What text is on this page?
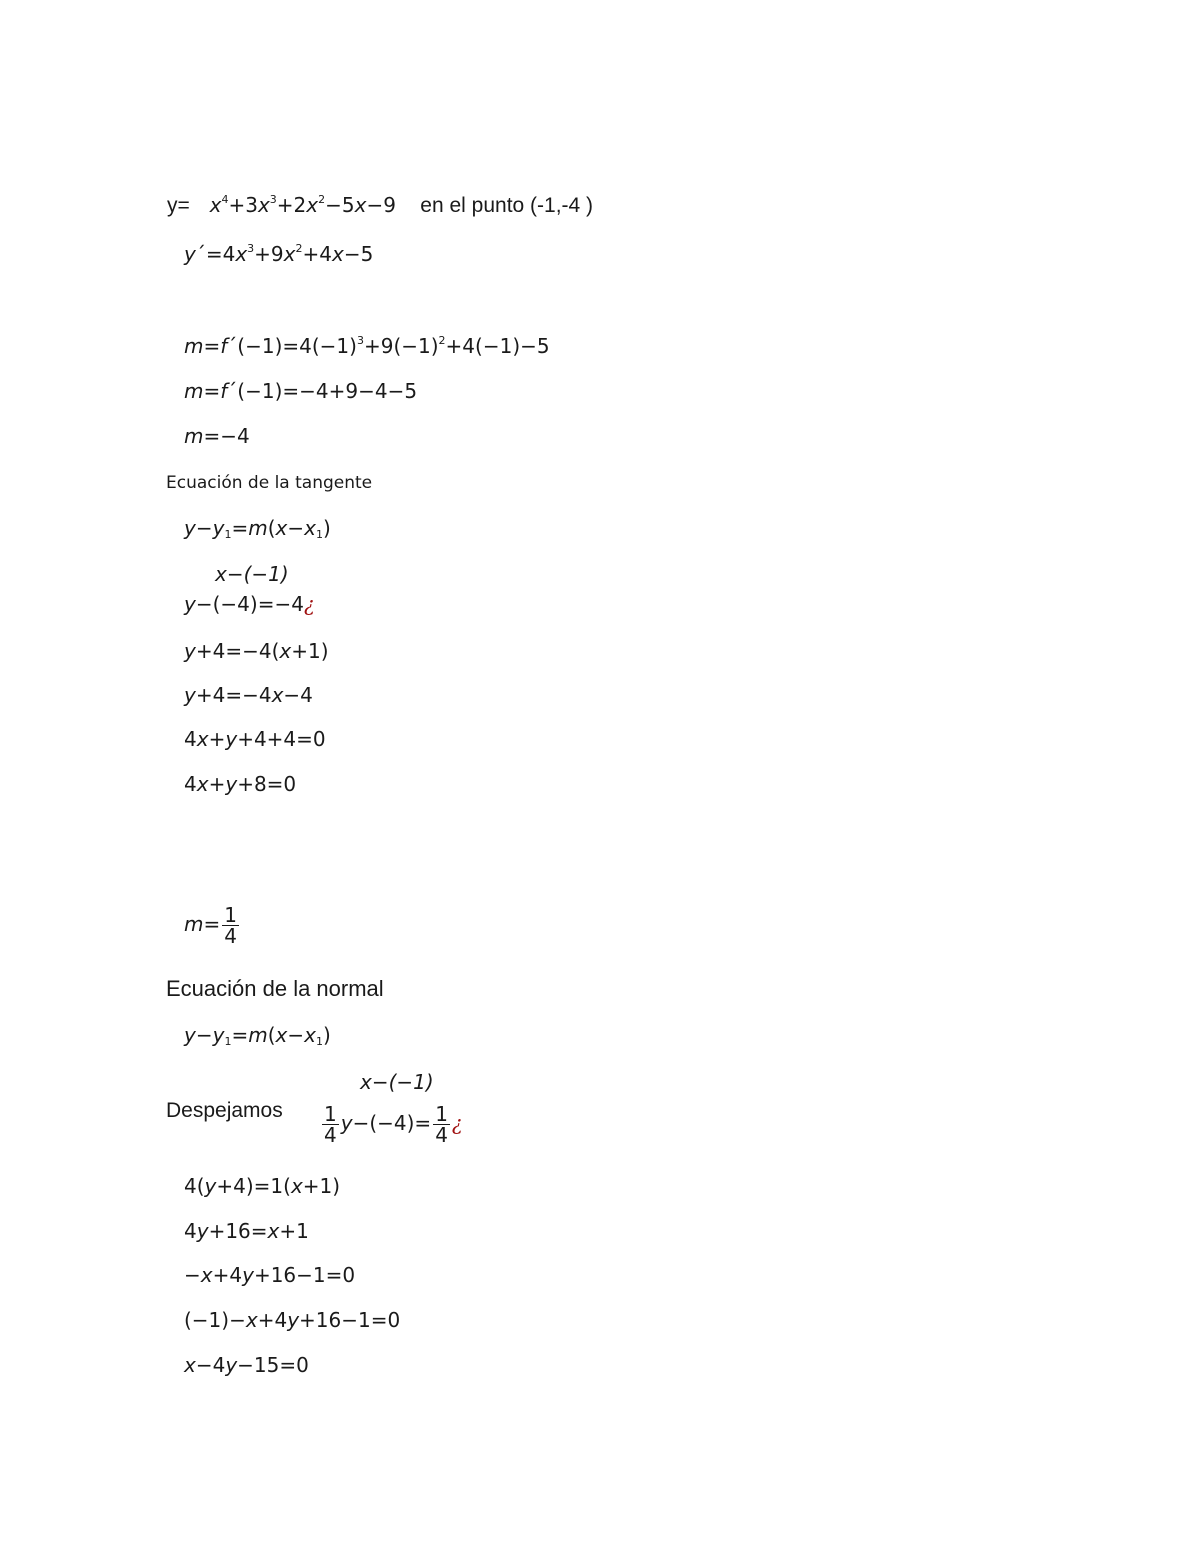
$y= x^4+3x^3+2x^2-5x-9$ en el punto (-1,-4 )
$y´=4x^3+9x^2+4x-5$
$m=f´(-1)=4(-1)^3+9(-1)^2+4(-1)-5$
m=f´(−1)=−4+9−4−5
m=−4
Ecuación de la tangente
$y-y_1=m(x-x_1)$
x−(−1)
y−(−4)=−4¿
y+4=−4(x+1)
y+4=−4x−4
4x+y+4+4=0
4x+y+8=0
$m= \frac{1}{4}$
Ecuación de la normal
$y-y_1=m(x-x_1)$
x−(−1)
Despejamos $\frac{1}{4} y-(-4)= \frac{1}{4}$ ¿
4(y+4)=1(x+1)
4y+16=x+1
−x+4y+16−1=0
(−1)−x+4y+16−1=0
x−4y−15=0
